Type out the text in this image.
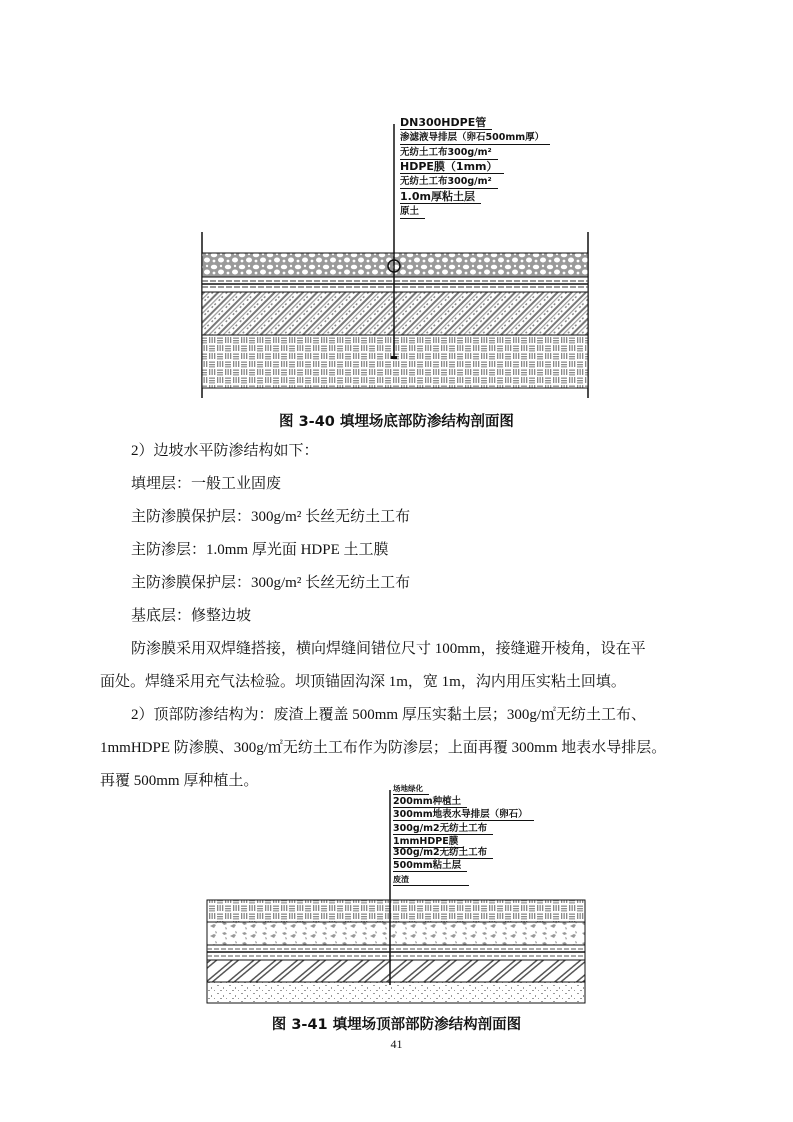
DN300HDPE管
渗滤液导排层（卵石500mm厚）
无纺土工布300g/m²
HDPE膜（1mm）
无纺土工布300g/m²
1.0m厚粘土层
原土
图 3-40 填埋场底部防渗结构剖面图
2）边坡水平防渗结构如下：
填埋层：一般工业固废
主防渗膜保护层：300g/m² 长丝无纺土工布
主防渗层：1.0mm 厚光面 HDPE 土工膜
主防渗膜保护层：300g/m² 长丝无纺土工布
基底层：修整边坡
防渗膜采用双焊缝搭接，横向焊缝间错位尺寸 100mm，接缝避开棱角，设在平
面处。焊缝采用充气法检验。坝顶锚固沟深 1m，宽 1m，沟内用压实粘土回填。
2）顶部防渗结构为：废渣上覆盖 500mm 厚压实黏土层；300g/㎡无纺土工布、
1mmHDPE 防渗膜、300g/㎡无纺土工布作为防渗层；上面再覆 300mm 地表水导排层。
再覆 500mm 厚种植土。	场地绿化
200mm种植土
300mm地表水导排层（卵石）
300g/m2无纺土工布
1mmHDPE膜
300g/m2无纺土工布
500mm粘土层
废渣
图 3-41 填埋场顶部部防渗结构剖面图
41
